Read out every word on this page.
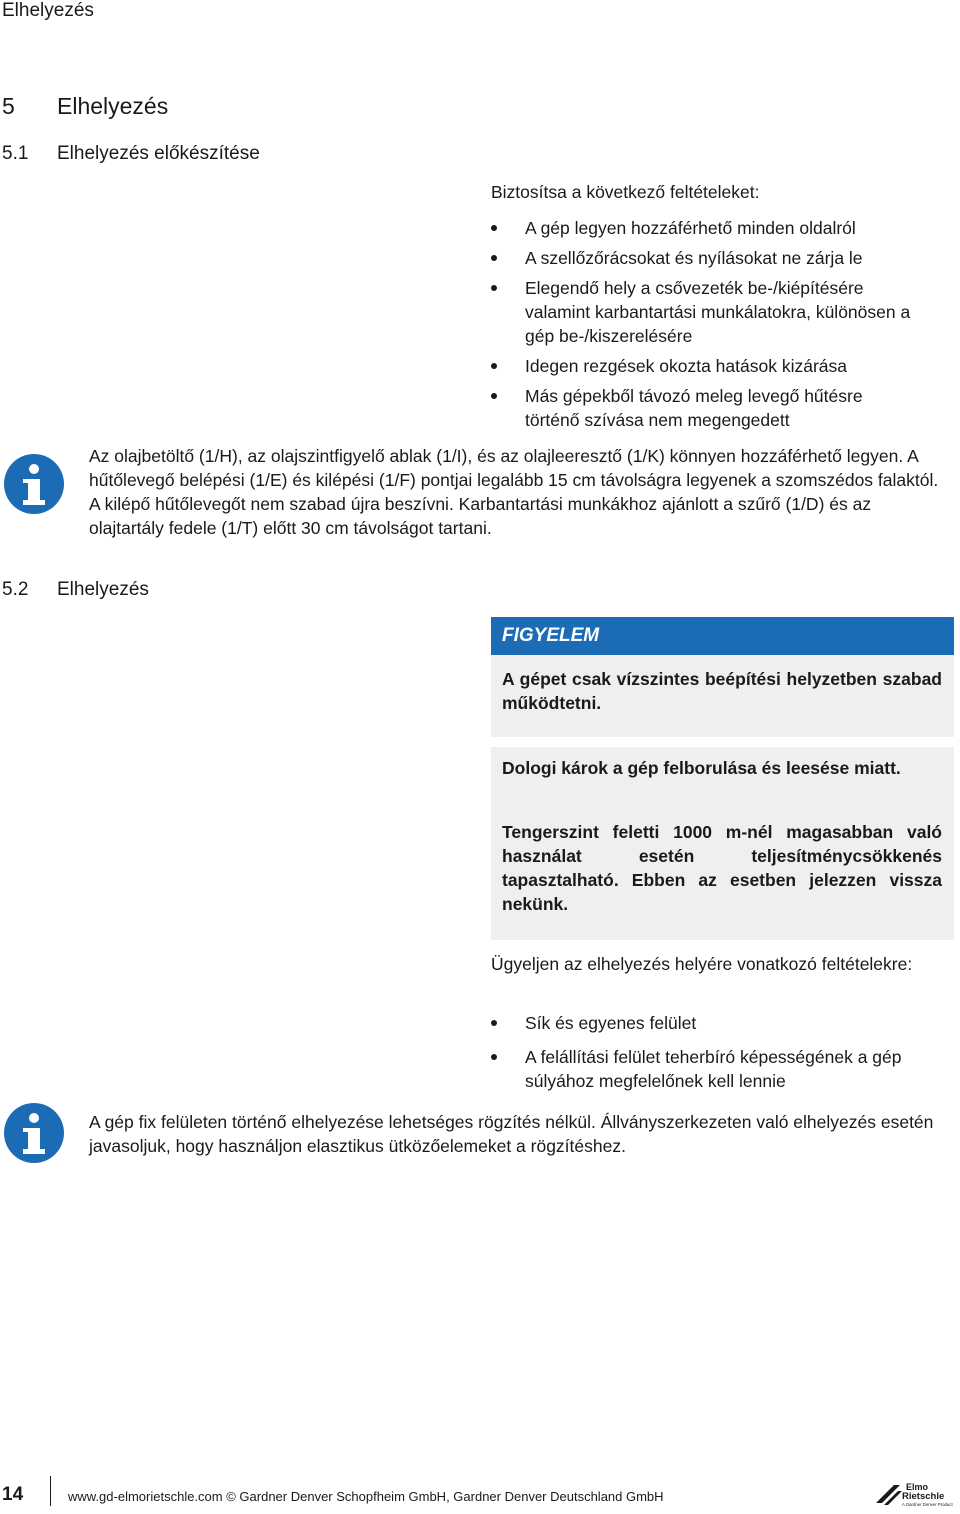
Elhelyezés
5 Elhelyezés
5.1 Elhelyezés előkészítése
Biztosítsa a következő feltételeket:
A gép legyen hozzáférhető minden oldalról
A szellőzőrácsokat és nyílásokat ne zárja le
Elegendő hely a csővezeték be-/kiépítésére valamint karbantartási munkálatokra, különösen a gép be-/kiszerelésére
Idegen rezgések okozta hatások kizárása
Más gépekből távozó meleg levegő hűtésre történő szívása nem megengedett
Az olajbetöltő (1/H), az olajszintfigyelő ablak (1/I), és az olajleeresztő (1/K) könnyen hozzáférhető legyen. A hűtőlevegő belépési (1/E) és kilépési (1/F) pontjai legalább 15 cm távolságra legyenek a szomszédos falaktól. A kilépő hűtőlevegőt nem szabad újra beszívni. Karbantartási munkákhoz ajánlott a szűrő (1/D) és az olajtartály fedele (1/T) előtt 30 cm távolságot tartani.
5.2 Elhelyezés
FIGYELEM
A gépet csak vízszintes beépítési helyzetben szabad működtetni.
Dologi károk a gép felborulása és leesése miatt.
Tengerszint feletti 1000 m-nél magasabban való használat esetén teljesítménycsökkenés tapasztalható. Ebben az esetben jelezzen vissza nekünk.
Ügyeljen az elhelyezés helyére vonatkozó feltételekre:
Sík és egyenes felület
A felállítási felület teherbíró képességének a gép súlyához megfelelőnek kell lennie
A gép fix felületen történő elhelyezése lehetséges rögzítés nélkül. Állványszerkezeten való elhelyezés esetén javasoljuk, hogy használjon elasztikus ütközőelemeket a rögzítéshez.
14	www.gd-elmorietschle.com © Gardner Denver Schopfheim GmbH, Gardner Denver Deutschland GmbH
Elmo
Rietschle
A Gardner Denver Product
